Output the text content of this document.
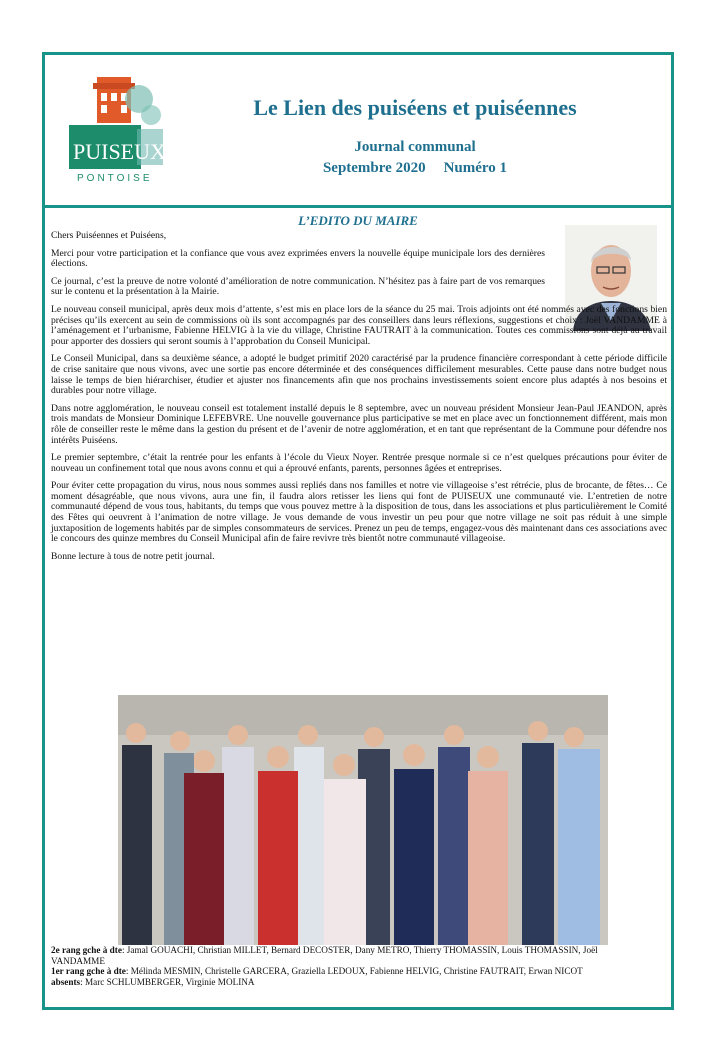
PUISEUX
PONTOISE
Le Lien des puiséens et puiséennes
Journal communal
Septembre 2020 Numéro 1
L’EDITO DU MAIRE

Chers Puiséennes et Puiséens,

Merci pour votre participation et la confiance que vous avez exprimées envers la nouvelle équipe municipale lors des dernières élections.

Ce journal, c’est la preuve de notre volonté d’amélioration de notre communication. N’hésitez pas à faire part de vos remarques sur le contenu et la présentation à la Mairie.

Le nouveau conseil municipal, après deux mois d’attente, s’est mis en place lors de la séance du 25 mai. Trois adjoints ont été nommés avec des fonctions bien précises qu’ils exercent au sein de commissions où ils sont accompagnés par des conseillers dans leurs réflexions, suggestions et choix : Joël VANDAMME à l’aménagement et l’urbanisme, Fabienne HELVIG à la vie du village, Christine FAUTRAIT à la communication. Toutes ces commissions sont déjà au travail pour apporter des dossiers qui seront soumis à l’approbation du Conseil Municipal.

Le Conseil Municipal, dans sa deuxième séance, a adopté le budget primitif 2020 caractérisé par la prudence financière correspondant à cette période difficile de crise sanitaire que nous vivons, avec une sortie pas encore déterminée et des conséquences difficilement mesurables. Cette pause dans notre budget nous laisse le temps de bien hiérarchiser, étudier et ajuster nos financements afin que nos prochains investissements soient encore plus adaptés à nos besoins et durables pour notre village.

Dans notre agglomération, le nouveau conseil est totalement installé depuis le 8 septembre, avec un nouveau président Monsieur Jean-Paul JEANDON, après trois mandats de Monsieur Dominique LEFEBVRE. Une nouvelle gouvernance plus participative se met en place avec un fonctionnement différent, mais mon rôle de conseiller reste le même dans la gestion du présent et de l’avenir de notre agglomération, et en tant que représentant de la Commune pour défendre nos intérêts Puiséens.

Le premier septembre, c’était la rentrée pour les enfants à l’école du Vieux Noyer. Rentrée presque normale si ce n’est quelques précautions pour éviter de nouveau un confinement total que nous avons connu et qui a éprouvé enfants, parents, personnes âgées et entreprises.

Pour éviter cette propagation du virus, nous nous sommes aussi repliés dans nos familles et notre vie villageoise s’est rétrécie, plus de brocante, de fêtes… Ce moment désagréable, que nous vivons, aura une fin, il faudra alors retisser les liens qui font de PUISEUX une communauté vie. L’entretien de notre communauté dépend de vous tous, habitants, du temps que vous pouvez mettre à la disposition de tous, dans les associations et plus particulièrement le Comité des Fêtes qui oeuvrent à l’animation de notre village. Je vous demande de vous investir un peu pour que notre village ne soit pas réduit à une simple juxtaposition de logements habités par de simples consommateurs de services. Prenez un peu de temps, engagez-vous dès maintenant dans ces associations avec le concours des quinze membres du Conseil Municipal afin de faire revivre très bientôt notre communauté villageoise.

Bonne lecture à tous de notre petit journal.

2e rang gche à dte: Jamal GOUACHI, Christian MILLET, Bernard DECOSTER, Dany METRO, Thierry THOMASSIN, Louis THOMASSIN, Joël VANDAMME
1er rang gche à dte: Mélinda MESMIN, Christelle GARCERA, Graziella LEDOUX, Fabienne HELVIG, Christine FAUTRAIT, Erwan NICOT
absents: Marc SCHLUMBERGER, Virginie MOLINA
